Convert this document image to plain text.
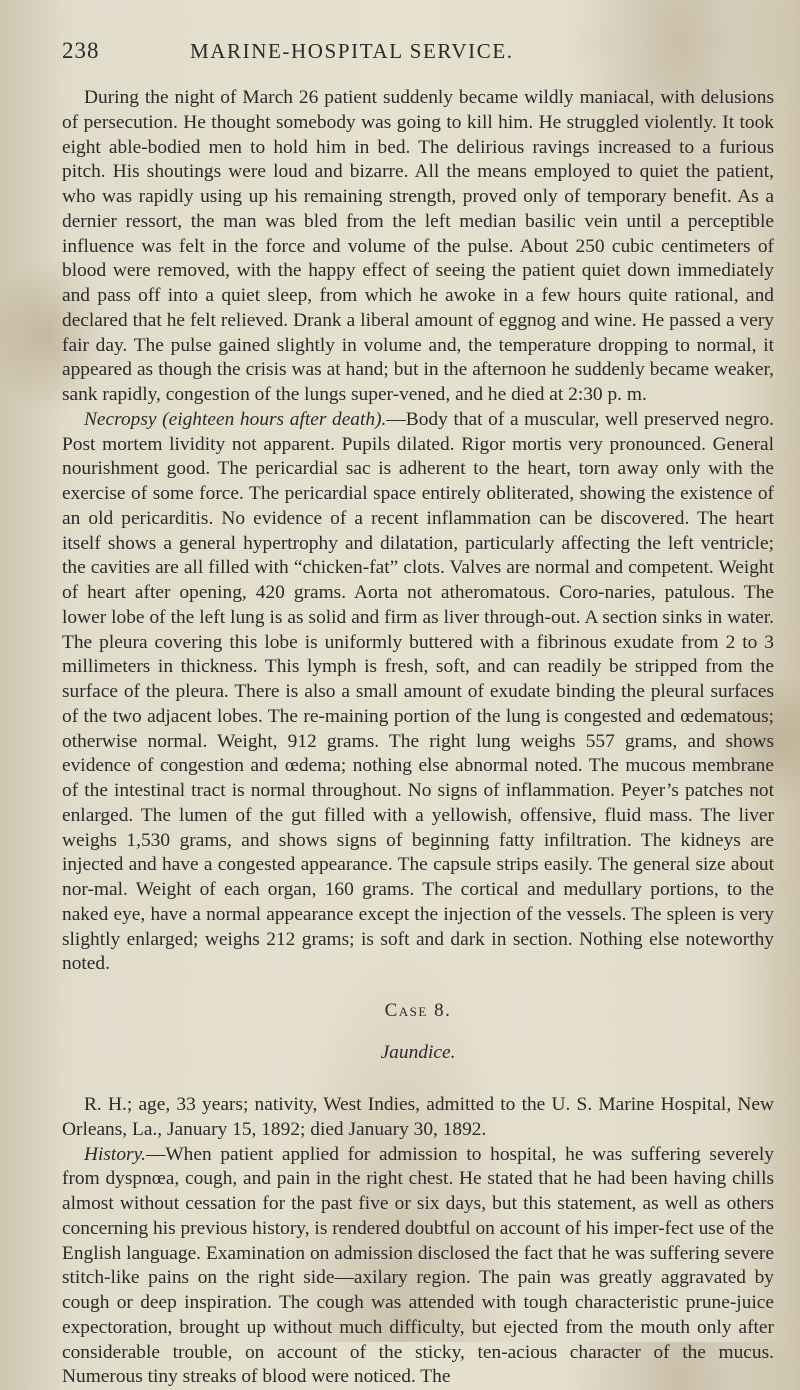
238	MARINE-HOSPITAL SERVICE.

During the night of March 26 patient suddenly became wildly maniacal, with delusions of persecution. He thought somebody was going to kill him. He struggled violently. It took eight able-bodied men to hold him in bed. The delirious ravings increased to a furious pitch. His shoutings were loud and bizarre. All the means employed to quiet the patient, who was rapidly using up his remaining strength, proved only of temporary benefit. As a dernier ressort, the man was bled from the left median basilic vein until a perceptible influence was felt in the force and volume of the pulse. About 250 cubic centimeters of blood were removed, with the happy effect of seeing the patient quiet down immediately and pass off into a quiet sleep, from which he awoke in a few hours quite rational, and declared that he felt relieved. Drank a liberal amount of eggnog and wine. He passed a very fair day. The pulse gained slightly in volume and, the temperature dropping to normal, it appeared as though the crisis was at hand; but in the afternoon he suddenly became weaker, sank rapidly, congestion of the lungs super-vened, and he died at 2:30 p. m.

Necropsy (eighteen hours after death).—Body that of a muscular, well preserved negro. Post mortem lividity not apparent. Pupils dilated. Rigor mortis very pronounced. General nourishment good. The pericardial sac is adherent to the heart, torn away only with the exercise of some force. The pericardial space entirely obliterated, showing the existence of an old pericarditis. No evidence of a recent inflammation can be discovered. The heart itself shows a general hypertrophy and dilatation, particularly affecting the left ventricle; the cavities are all filled with “chicken-fat” clots. Valves are normal and competent. Weight of heart after opening, 420 grams. Aorta not atheromatous. Coro-naries, patulous. The lower lobe of the left lung is as solid and firm as liver through-out. A section sinks in water. The pleura covering this lobe is uniformly buttered with a fibrinous exudate from 2 to 3 millimeters in thickness. This lymph is fresh, soft, and can readily be stripped from the surface of the pleura. There is also a small amount of exudate binding the pleural surfaces of the two adjacent lobes. The re-maining portion of the lung is congested and œdematous; otherwise normal. Weight, 912 grams. The right lung weighs 557 grams, and shows evidence of congestion and œdema; nothing else abnormal noted. The mucous membrane of the intestinal tract is normal throughout. No signs of inflammation. Peyer’s patches not enlarged. The lumen of the gut filled with a yellowish, offensive, fluid mass. The liver weighs 1,530 grams, and shows signs of beginning fatty infiltration. The kidneys are injected and have a congested appearance. The capsule strips easily. The general size about nor-mal. Weight of each organ, 160 grams. The cortical and medullary portions, to the naked eye, have a normal appearance except the injection of the vessels. The spleen is very slightly enlarged; weighs 212 grams; is soft and dark in section. Nothing else noteworthy noted.

Case 8.
Jaundice.

R. H.; age, 33 years; nativity, West Indies, admitted to the U. S. Marine Hospital, New Orleans, La., January 15, 1892; died January 30, 1892.

History.—When patient applied for admission to hospital, he was suffering severely from dyspnœa, cough, and pain in the right chest. He stated that he had been having chills almost without cessation for the past five or six days, but this statement, as well as others concerning his previous history, is rendered doubtful on account of his imper-fect use of the English language. Examination on admission disclosed the fact that he was suffering severe stitch-like pains on the right side—axilary region. The pain was greatly aggravated by cough or deep inspiration. The cough was attended with tough characteristic prune-juice expectoration, brought up without much difficulty, but ejected from the mouth only after considerable trouble, on account of the sticky, ten-acious character of the mucus. Numerous tiny streaks of blood were noticed. The
